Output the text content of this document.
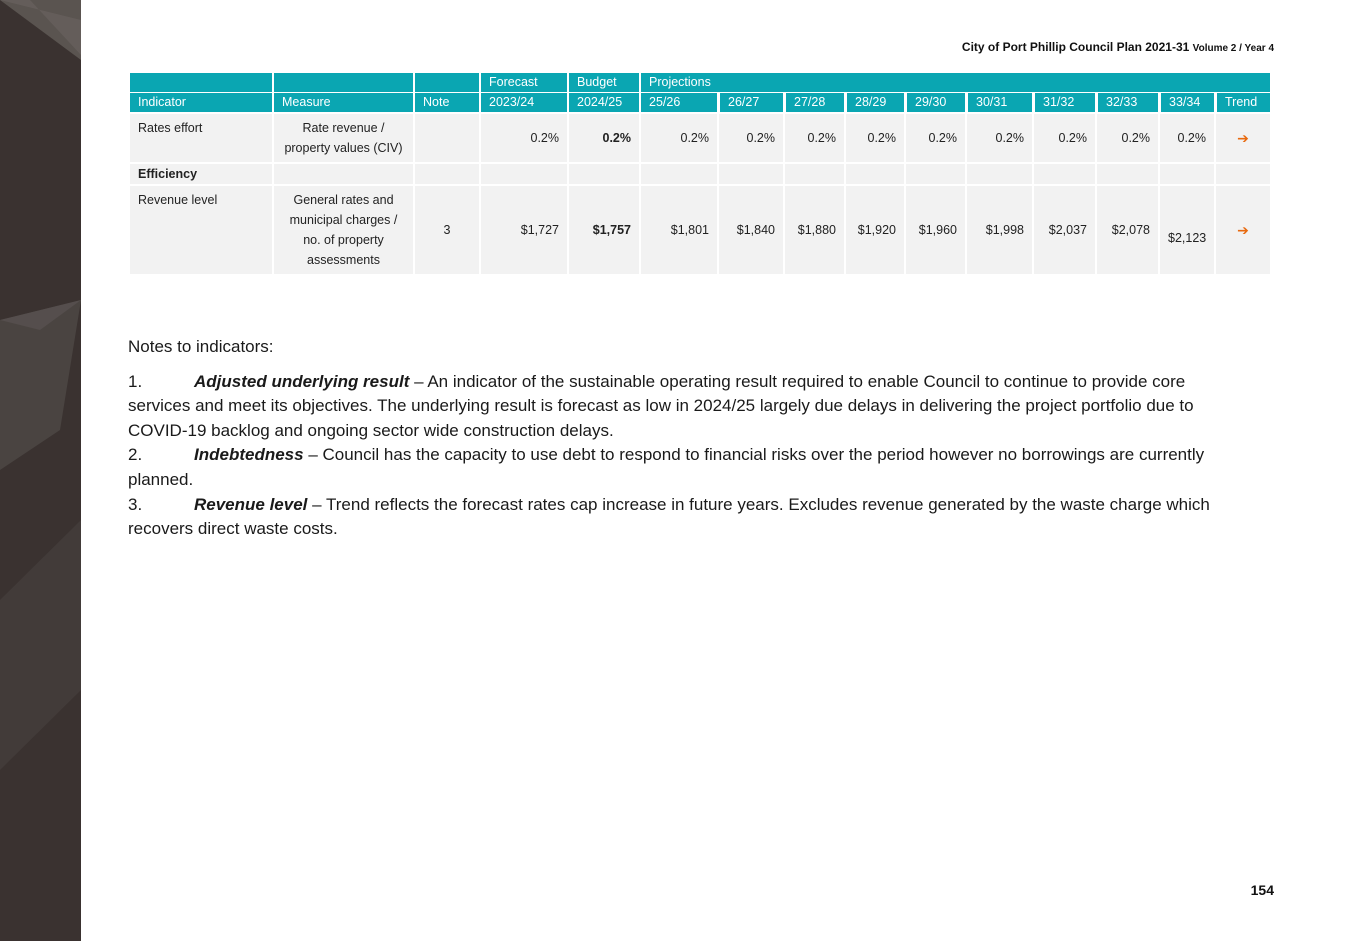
City of Port Phillip Council Plan 2021-31 Volume 2 / Year 4
			Forecast	Budget	Projections									
Indicator	Measure	Note	2023/24	2024/25	25/26	26/27	27/28	28/29	29/30	30/31	31/32	32/33	33/34	Trend
Rates effort	Rate revenue / property values (CIV)		0.2%	0.2%	0.2%	0.2%	0.2%	0.2%	0.2%	0.2%	0.2%	0.2%	0.2%	➔
Efficiency														
Revenue level	General rates and municipal charges / no. of property assessments	3	$1,727	$1,757	$1,801	$1,840	$1,880	$1,920	$1,960	$1,998	$2,037	$2,078	$2,123	➔

Notes to indicators:

1.	Adjusted underlying result – An indicator of the sustainable operating result required to enable Council to continue to provide core services and meet its objectives. The underlying result is forecast as low in 2024/25 largely due delays in delivering the project portfolio due to COVID-19 backlog and ongoing sector wide construction delays.

2.	Indebtedness – Council has the capacity to use debt to respond to financial risks over the period however no borrowings are currently planned.

3.	Revenue level – Trend reflects the forecast rates cap increase in future years. Excludes revenue generated by the waste charge which recovers direct waste costs.

154
